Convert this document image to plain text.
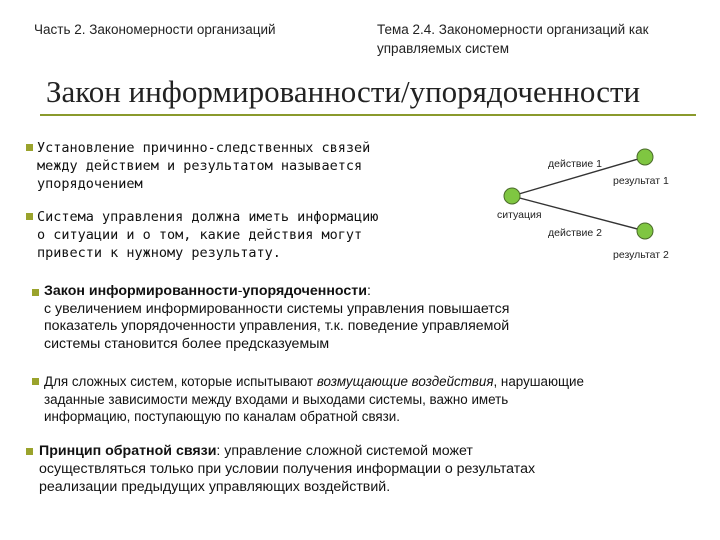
Часть 2. Закономерности организаций	Тема 2.4. Закономерности организаций как
управляемых систем
Закон информированности/упорядоченности
Установление причинно-следственных связей
между действием и результатом называется
упорядочением
Система управления должна иметь информацию
о ситуации и о том, какие действия могут
привести к нужному результату.
действие 1
результат 1
ситуация
действие 2
результат 2
Закон информированности-упорядоченности:
с увеличением информированности системы управления повышается
показатель упорядоченности управления, т.к. поведение управляемой
системы становится более предсказуемым
Для сложных систем, которые испытывают возмущающие воздействия, нарушающие
заданные зависимости между входами и выходами системы, важно иметь
информацию, поступающую по каналам обратной связи.
Принцип обратной связи: управление сложной системой может
осуществляться только при условии получения информации о результатах
реализации предыдущих управляющих воздействий.
